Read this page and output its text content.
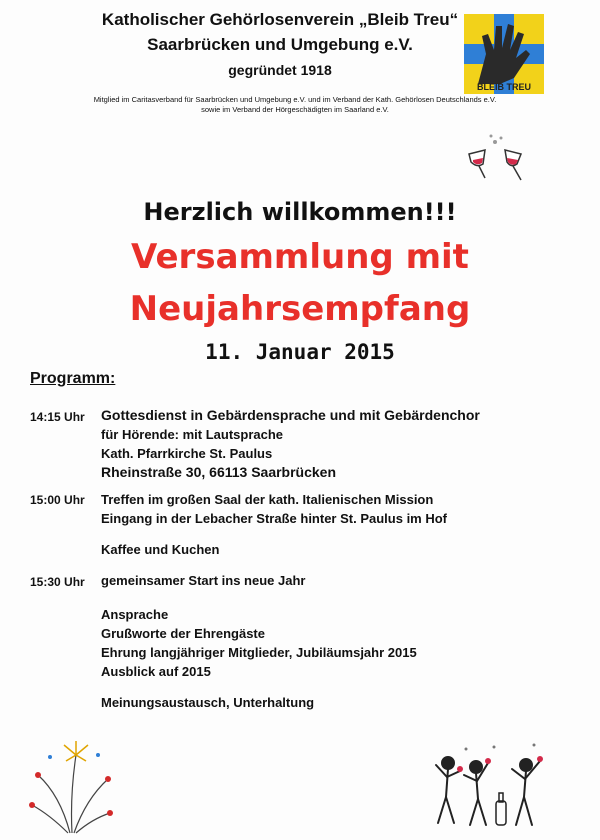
Katholischer Gehörlosenverein „Bleib Treu“
Saarbrücken und Umgebung e.V.
gegründet 1918
Mitglied im Caritasverband für Saarbrücken und Umgebung e.V. und im Verband der Kath. Gehörlosen Deutschlands e.V.
sowie im Verband der Hörgeschädigten im Saarland e.V.
BLEIB TREU
Herzlich willkommen!!!
Versammlung mit
Neujahrsempfang
11. Januar 2015
Programm:
14:15 Uhr Gottesdienst in Gebärdensprache und mit Gebärdenchor
für Hörende: mit Lautsprache
Kath. Pfarrkirche St. Paulus
Rheinstraße 30, 66113 Saarbrücken
15:00 Uhr Treffen im großen Saal der kath. Italienischen Mission
Eingang in der Lebacher Straße hinter St. Paulus im Hof
Kaffee und Kuchen
15:30 Uhr gemeinsamer Start ins neue Jahr
Ansprache
Grußworte der Ehrengäste
Ehrung langjähriger Mitglieder, Jubiläumsjahr 2015
Ausblick auf 2015
Meinungsaustausch, Unterhaltung
